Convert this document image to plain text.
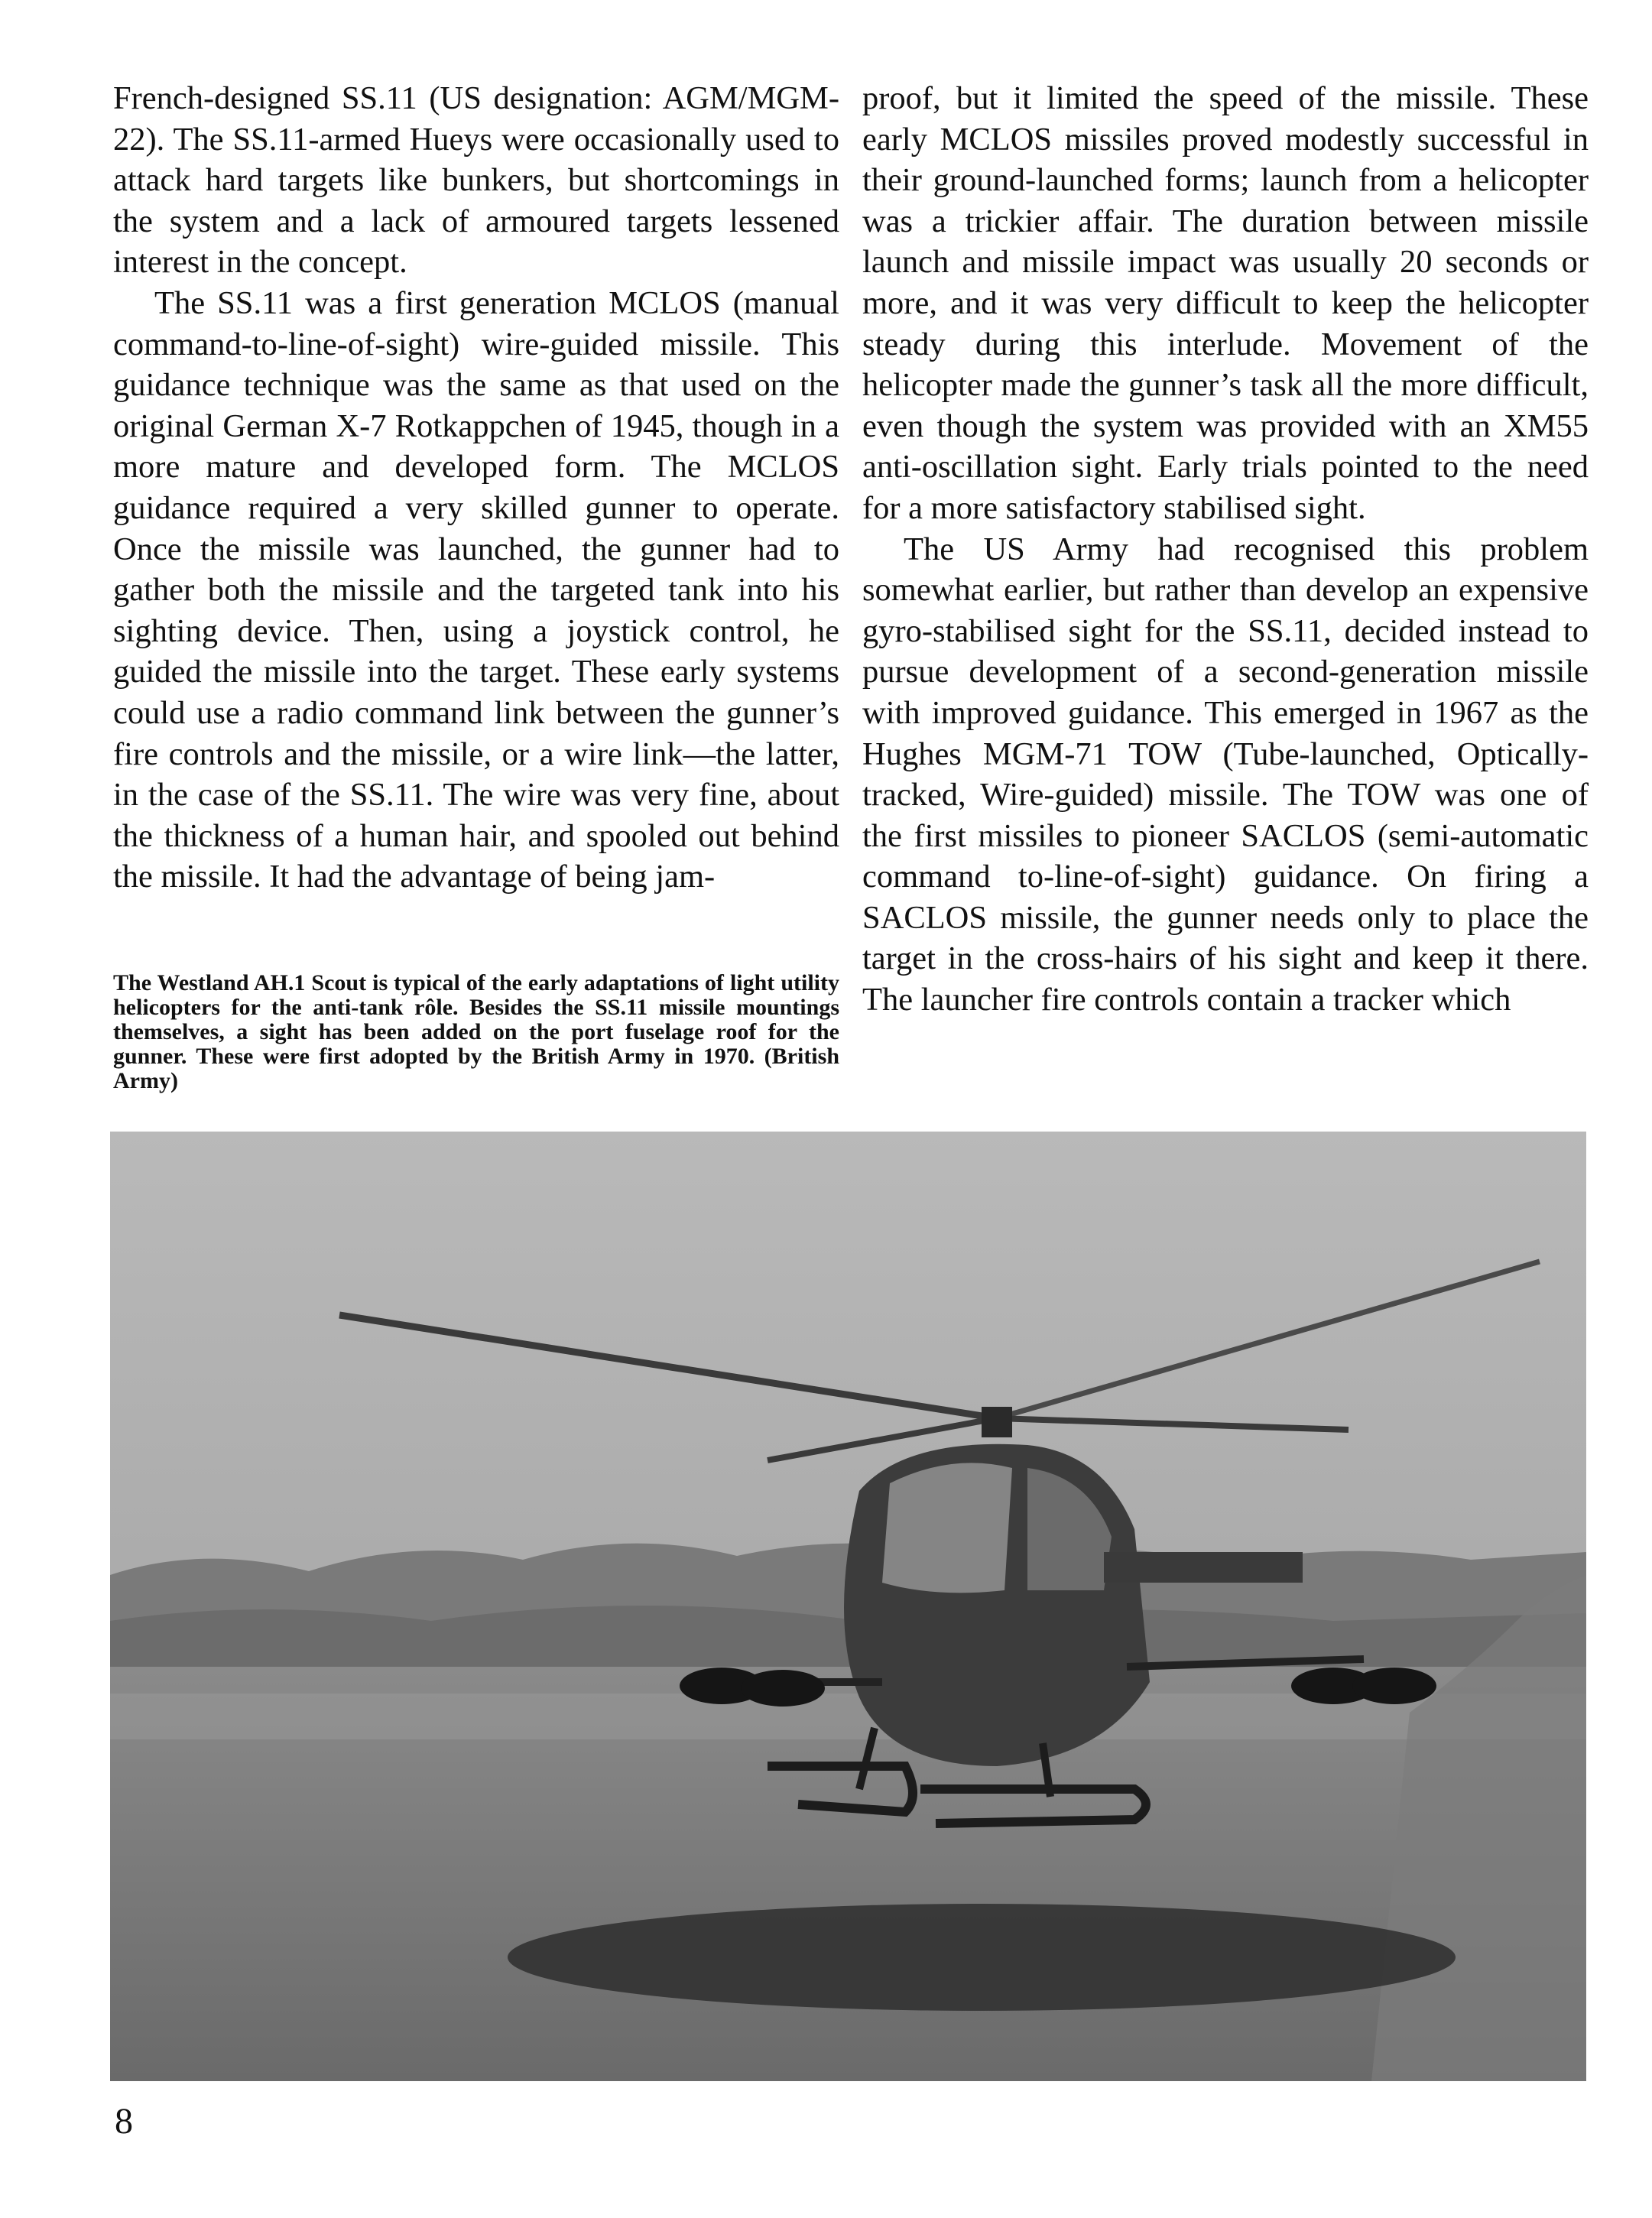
French-designed SS.11 (US designation: AGM/MGM-22). The SS.11-armed Hueys were occasionally used to attack hard targets like bunkers, but shortcomings in the system and a lack of armoured targets lessened interest in the concept.

The SS.11 was a first generation MCLOS (manual command-to-line-of-sight) wire-guided missile. This guidance technique was the same as that used on the original German X-7 Rotkappchen of 1945, though in a more mature and developed form. The MCLOS guidance required a very skilled gunner to operate. Once the missile was launched, the gunner had to gather both the missile and the targeted tank into his sighting device. Then, using a joystick control, he guided the missile into the target. These early systems could use a radio command link between the gunner’s fire controls and the missile, or a wire link—the latter, in the case of the SS.11. The wire was very fine, about the thickness of a human hair, and spooled out behind the missile. It had the advantage of being jam-

The Westland AH.1 Scout is typical of the early adaptations of light utility helicopters for the anti-tank rôle. Besides the SS.11 missile mountings themselves, a sight has been added on the port fuselage roof for the gunner. These were first adopted by the British Army in 1970. (British Army)

proof, but it limited the speed of the missile. These early MCLOS missiles proved modestly successful in their ground-launched forms; launch from a helicopter was a trickier affair. The duration between missile launch and missile impact was usually 20 seconds or more, and it was very difficult to keep the helicopter steady during this interlude. Movement of the helicopter made the gunner’s task all the more difficult, even though the system was provided with an XM55 anti-oscillation sight. Early trials pointed to the need for a more satisfactory stabilised sight.

The US Army had recognised this problem somewhat earlier, but rather than develop an expensive gyro-stabilised sight for the SS.11, decided instead to pursue development of a second-generation missile with improved guidance. This emerged in 1967 as the Hughes MGM-71 TOW (Tube-launched, Optically-tracked, Wire-guided) missile. The TOW was one of the first missiles to pioneer SACLOS (semi-automatic command to-line-of-sight) guidance. On firing a SACLOS missile, the gunner needs only to place the target in the cross-hairs of his sight and keep it there. The launcher fire controls contain a tracker which

8
